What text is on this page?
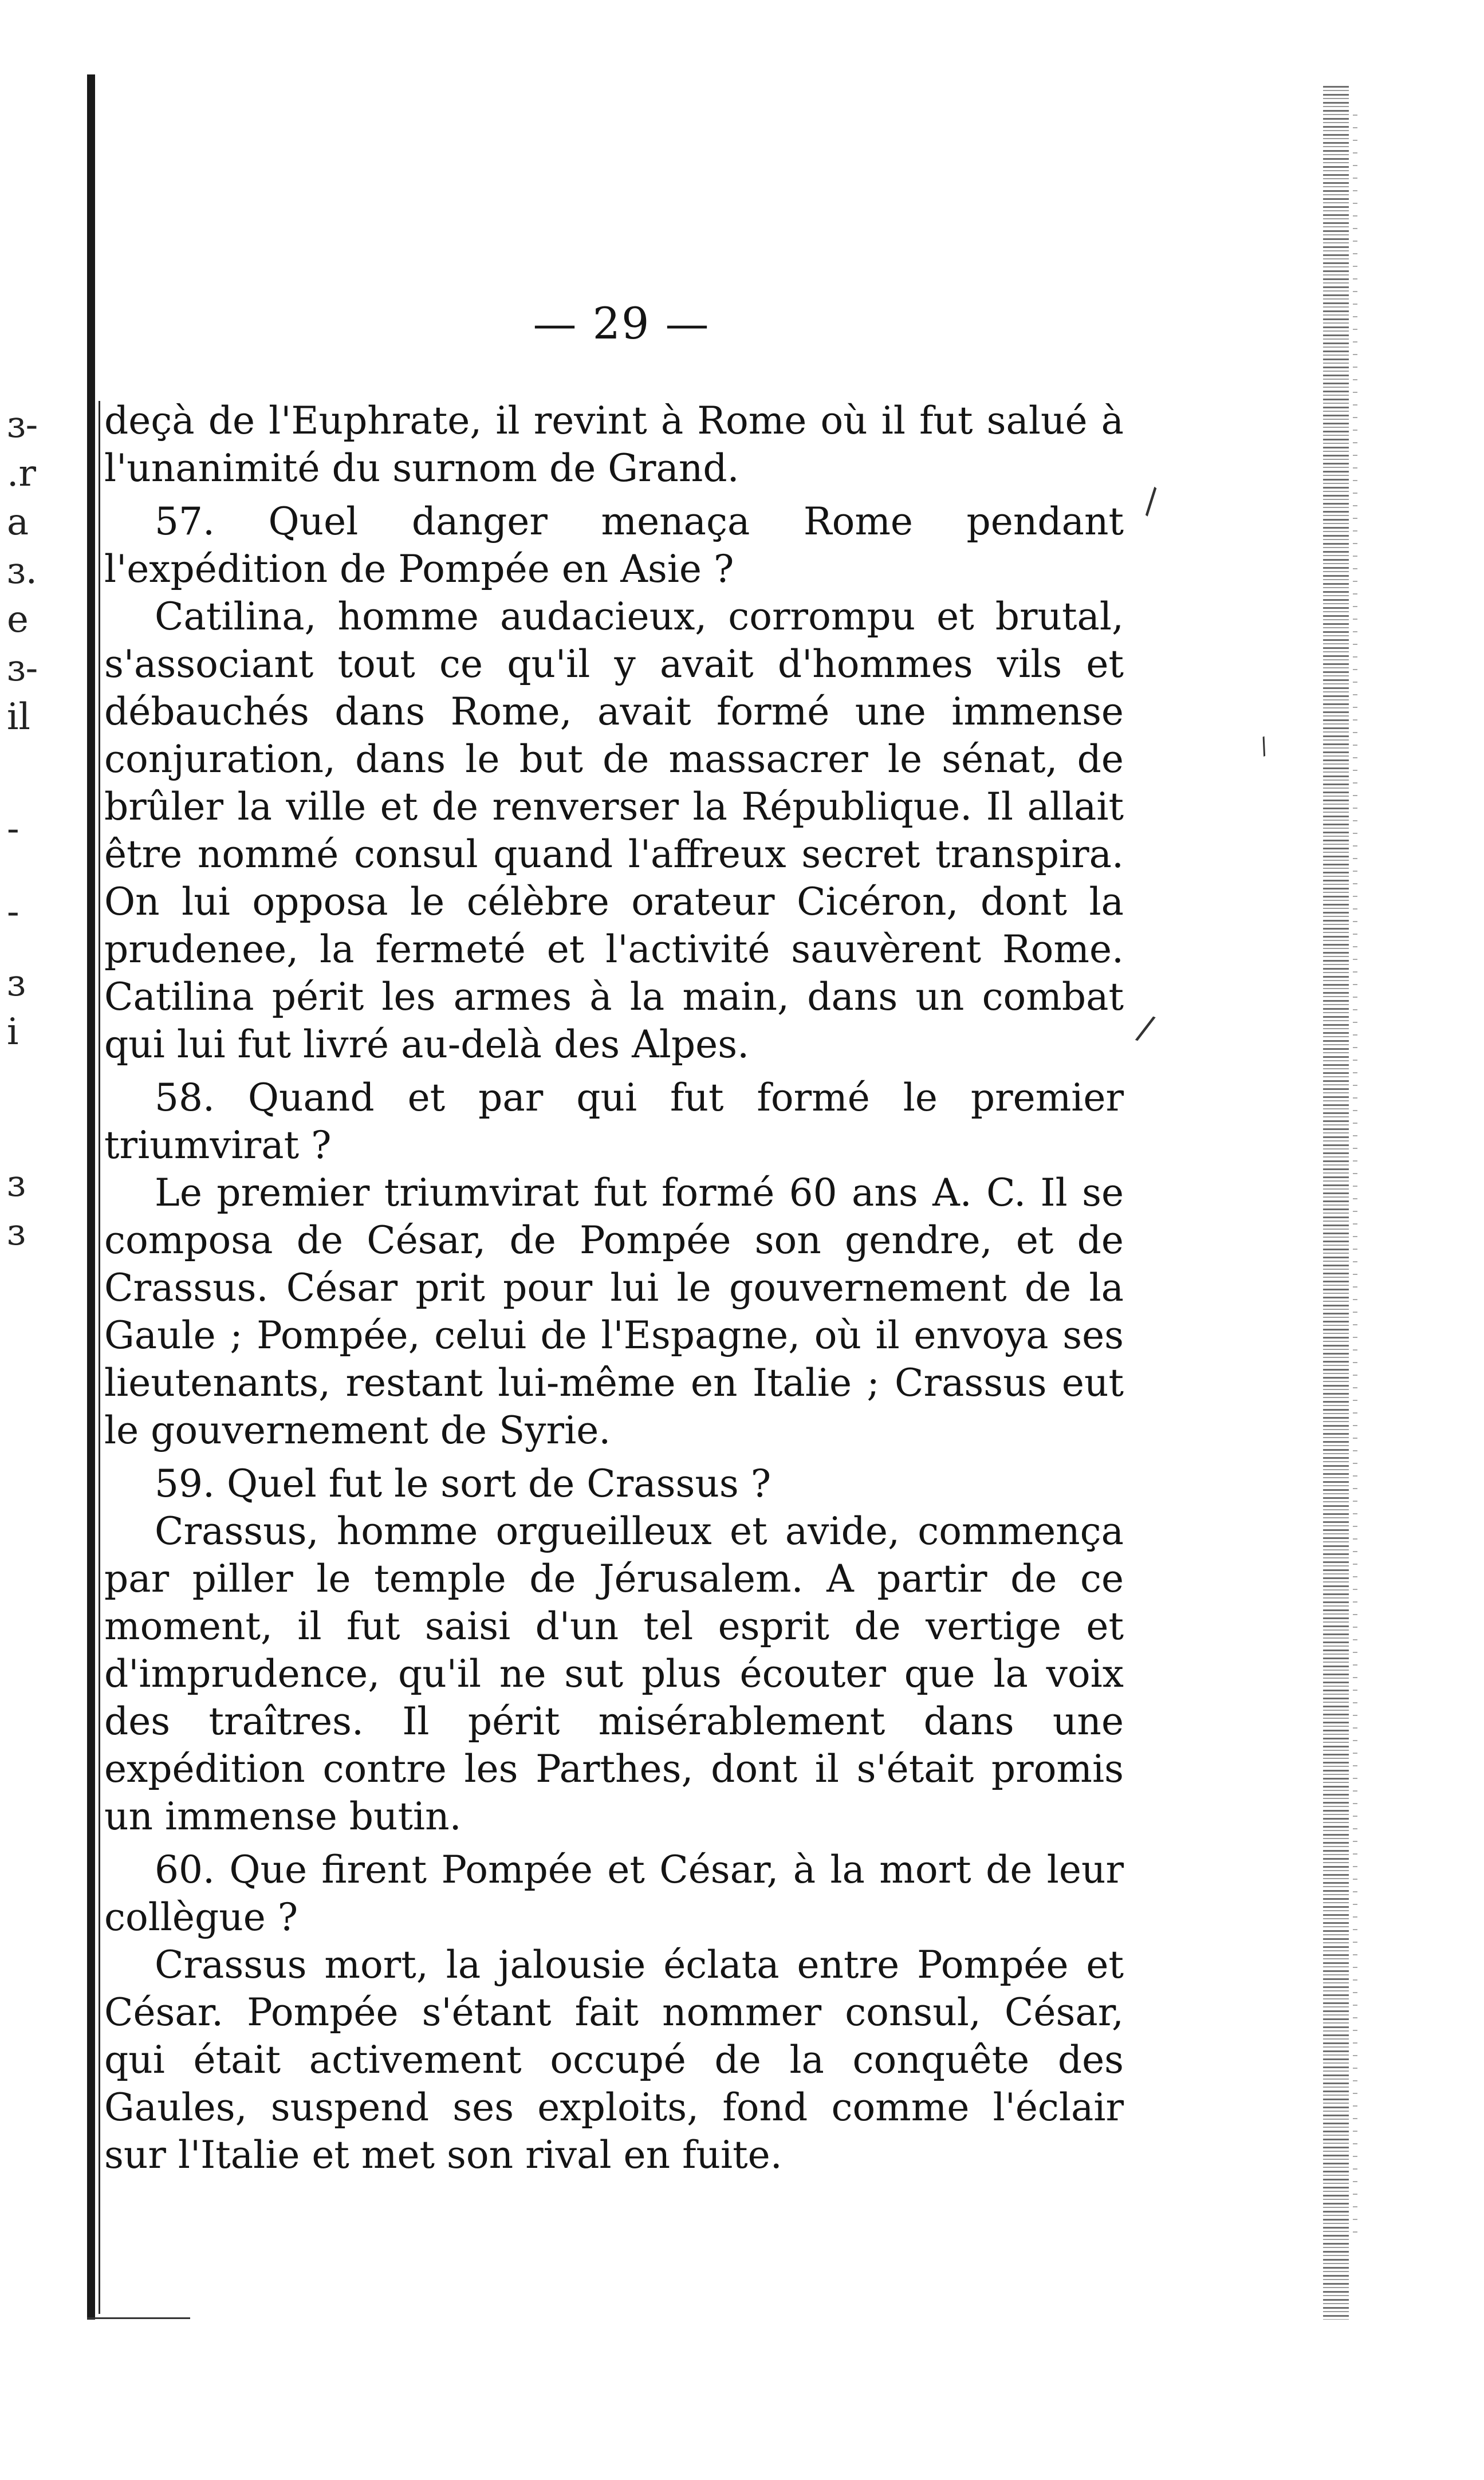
ɜ-
.r
a
ɜ.
e
ɜ-
il
-
-
ɜ
i
ɜ
ɜ
— 29 —

deçà de l'Euphrate, il revint à Rome où il fut salué à l'unanimité du surnom de Grand.

57. Quel danger menaça Rome pendant l'expédition de Pompée en Asie ?

Catilina, homme audacieux, corrompu et brutal, s'associant tout ce qu'il y avait d'hommes vils et débauchés dans Rome, avait formé une immense conjuration, dans le but de massacrer le sénat, de brûler la ville et de renverser la République. Il allait être nommé consul quand l'affreux secret transpira. On lui opposa le célèbre orateur Cicéron, dont la prudenee, la fermeté et l'activité sauvèrent Rome. Catilina périt les armes à la main, dans un combat qui lui fut livré au-delà des Alpes.

58. Quand et par qui fut formé le premier triumvirat ?

Le premier triumvirat fut formé 60 ans A. C. Il se composa de César, de Pompée son gendre, et de Crassus. César prit pour lui le gouvernement de la Gaule ; Pompée, celui de l'Espagne, où il envoya ses lieutenants, restant lui-même en Italie ; Crassus eut le gouvernement de Syrie.

59. Quel fut le sort de Crassus ?

Crassus, homme orgueilleux et avide, commença par piller le temple de Jérusalem. A partir de ce moment, il fut saisi d'un tel esprit de vertige et d'imprudence, qu'il ne sut plus écouter que la voix des traîtres. Il périt misérablement dans une expédition contre les Parthes, dont il s'était promis un immense butin.

60. Que firent Pompée et César, à la mort de leur collègue ?

Crassus mort, la jalousie éclata entre Pompée et César. Pompée s'étant fait nommer consul, César, qui était activement occupé de la conquête des Gaules, suspend ses exploits, fond comme l'éclair sur l'Italie et met son rival en fuite.

\
/
/
